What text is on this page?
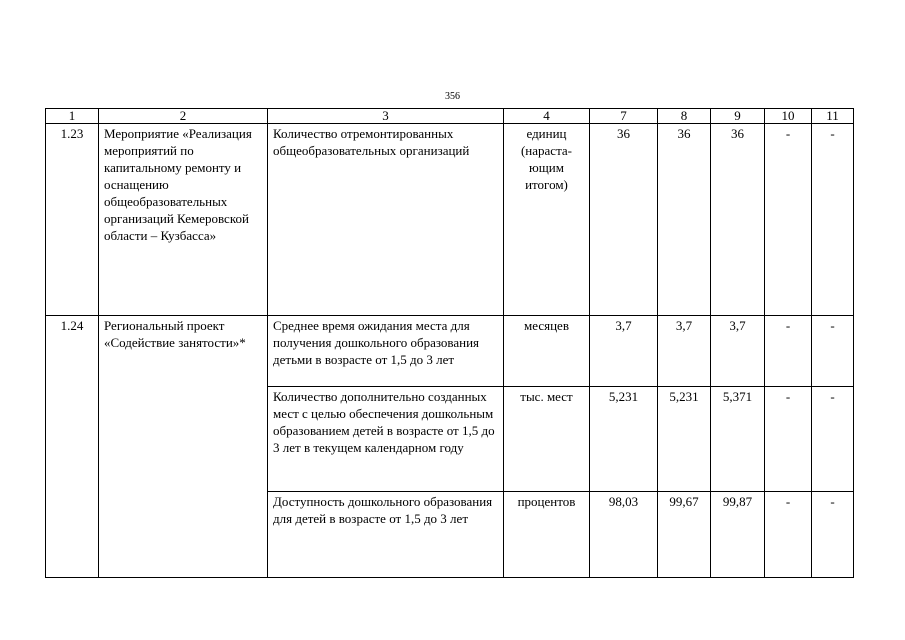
356
1	2	3	4	7	8	9	10	11
1.23	Мероприятие «Реализация мероприятий по капитальному ремонту и оснащению общеобразовательных организаций Кемеровской области – Кузбасса»	Количество отремонтированных общеобразовательных организаций	единиц (нараста-ющим итогом)	36	36	36	-	-
1.24	Региональный проект «Содействие занятости»*	Среднее время ожидания места для получения дошкольного образования детьми в возрасте от 1,5 до 3 лет	месяцев	3,7	3,7	3,7	-	-
		Количество дополнительно созданных мест с целью обеспечения дошкольным образованием детей в возрасте от 1,5 до 3 лет в текущем календарном году	тыс. мест	5,231	5,231	5,371	-	-
		Доступность дошкольного образования для детей в возрасте от 1,5 до 3 лет	процентов	98,03	99,67	99,87	-	-
